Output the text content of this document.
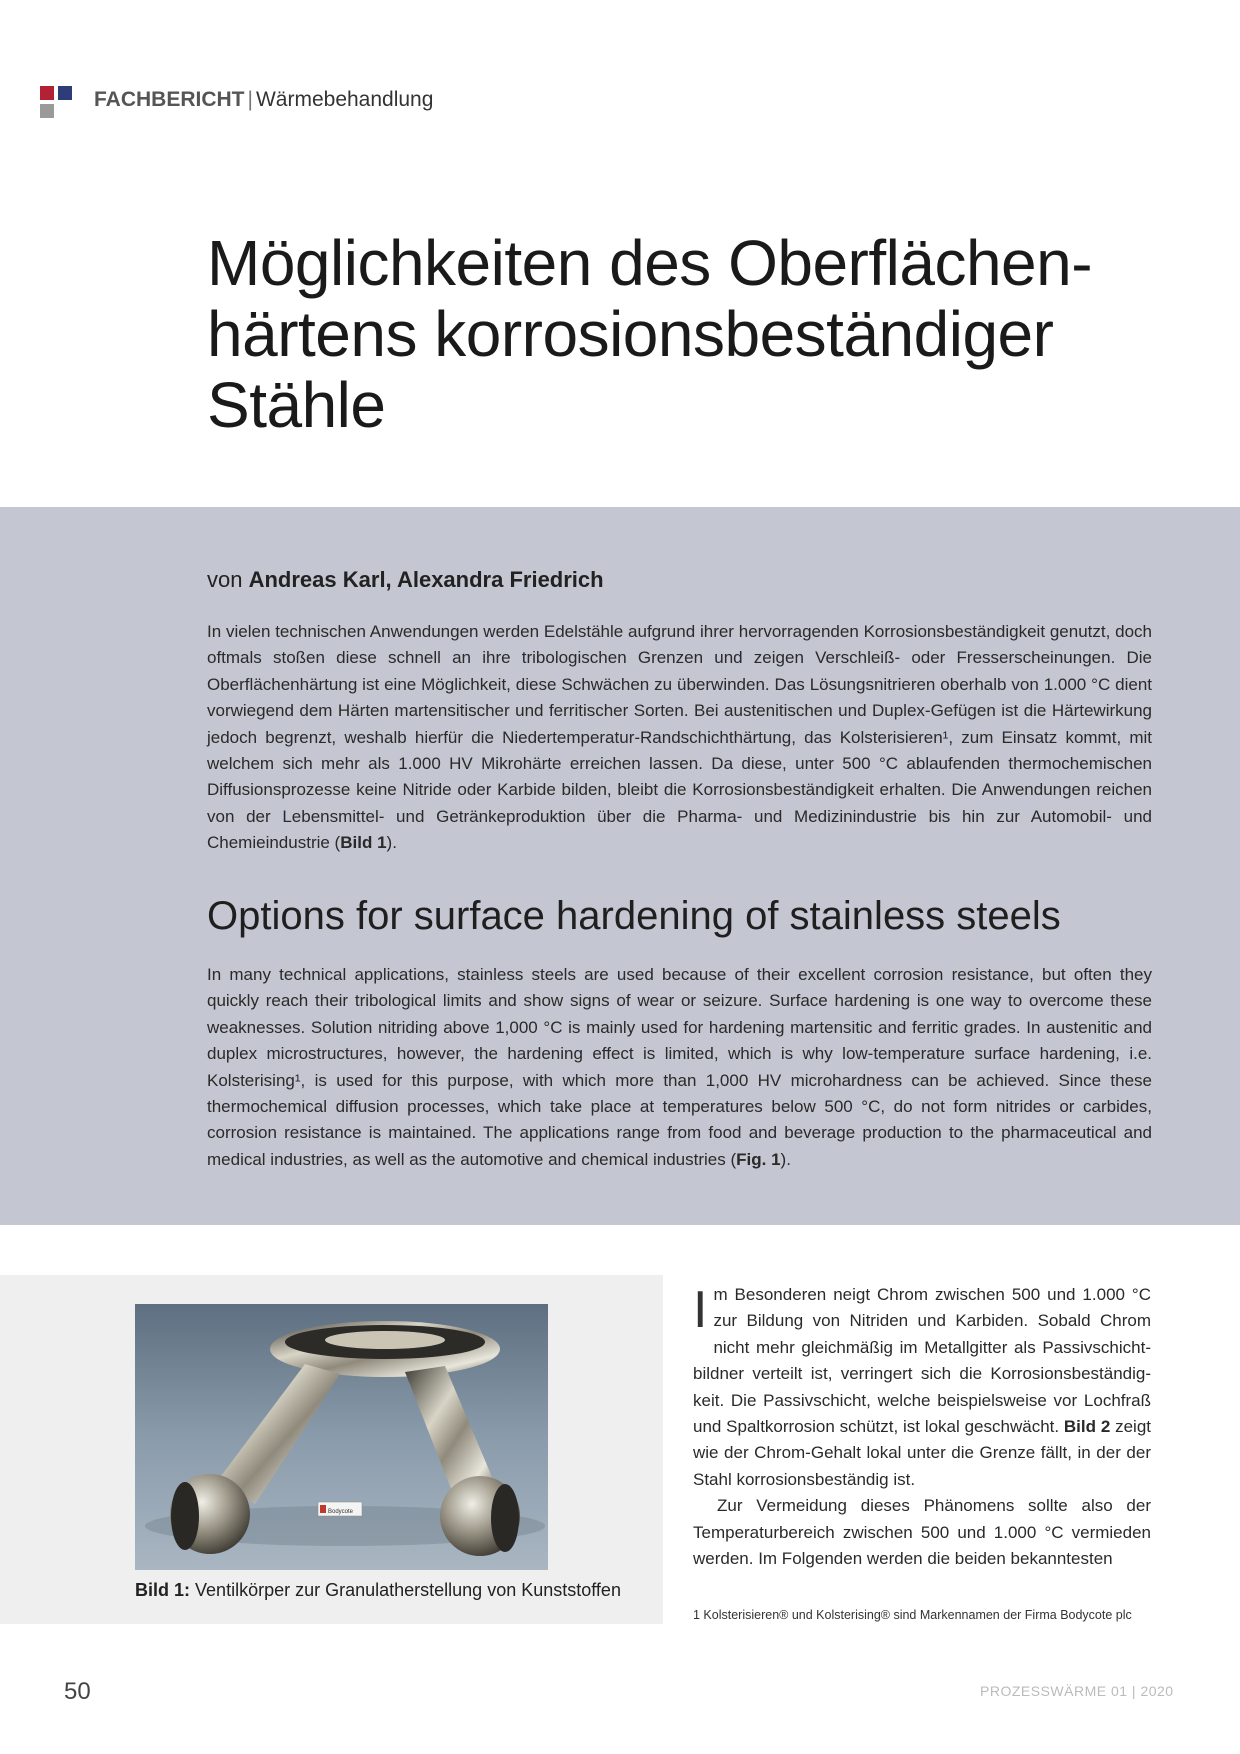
FACHBERICHT | Wärmebehandlung
Möglichkeiten des Oberflächen-härtens korrosionsbeständiger Stähle
von Andreas Karl, Alexandra Friedrich
In vielen technischen Anwendungen werden Edelstähle aufgrund ihrer hervorragenden Korrosionsbeständigkeit genutzt, doch oftmals stoßen diese schnell an ihre tribologischen Grenzen und zeigen Verschleiß- oder Fresserscheinungen. Die Oberflächenhärtung ist eine Möglichkeit, diese Schwächen zu überwinden. Das Lösungsnitrieren oberhalb von 1.000 °C dient vorwiegend dem Härten martensitischer und ferritischer Sorten. Bei austenitischen und Duplex-Gefügen ist die Härtewirkung jedoch begrenzt, weshalb hierfür die Niedertemperatur-Randschichthärtung, das Kolsterisieren¹, zum Einsatz kommt, mit welchem sich mehr als 1.000 HV Mikrohärte erreichen lassen. Da diese, unter 500 °C ablaufenden thermochemischen Diffusionsprozesse keine Nitride oder Karbide bilden, bleibt die Korrosionsbeständigkeit erhalten. Die Anwendungen reichen von der Lebensmittel- und Getränkeproduktion über die Pharma- und Medizinindustrie bis hin zur Automobil- und Chemieindustrie (Bild 1).
Options for surface hardening of stainless steels
In many technical applications, stainless steels are used because of their excellent corrosion resistance, but often they quickly reach their tribological limits and show signs of wear or seizure. Surface hardening is one way to overcome these weaknesses. Solution nitriding above 1,000 °C is mainly used for hardening martensitic and ferritic grades. In austenitic and duplex microstructures, however, the hardening effect is limited, which is why low-temperature surface hardening, i.e. Kolsterising¹, is used for this purpose, with which more than 1,000 HV microhardness can be achieved. Since these thermochemical diffusion processes, which take place at temperatures below 500 °C, do not form nitrides or carbides, corrosion resistance is maintained. The applications range from food and beverage production to the pharmaceutical and medical industries, as well as the automotive and chemical industries (Fig. 1).
Bodycote
Bild 1: Ventilkörper zur Granulatherstellung von Kunststoffen

Im Besonderen neigt Chrom zwischen 500 und 1.000 °C zur Bildung von Nitriden und Karbiden. Sobald Chrom nicht mehr gleichmäßig im Metallgitter als Passivschicht-bildner verteilt ist, verringert sich die Korrosionsbeständig-keit. Die Passivschicht, welche beispielsweise vor Lochfraß und Spaltkorrosion schützt, ist lokal geschwächt. Bild 2 zeigt wie der Chrom-Gehalt lokal unter die Grenze fällt, in der der Stahl korrosionsbeständig ist.

Zur Vermeidung dieses Phänomens sollte also der Temperaturbereich zwischen 500 und 1.000 °C vermieden werden. Im Folgenden werden die beiden bekanntesten

1 Kolsterisieren® und Kolsterising® sind Markennamen der Firma Bodycote plc
50	PROZESSWÄRME 01 | 2020
